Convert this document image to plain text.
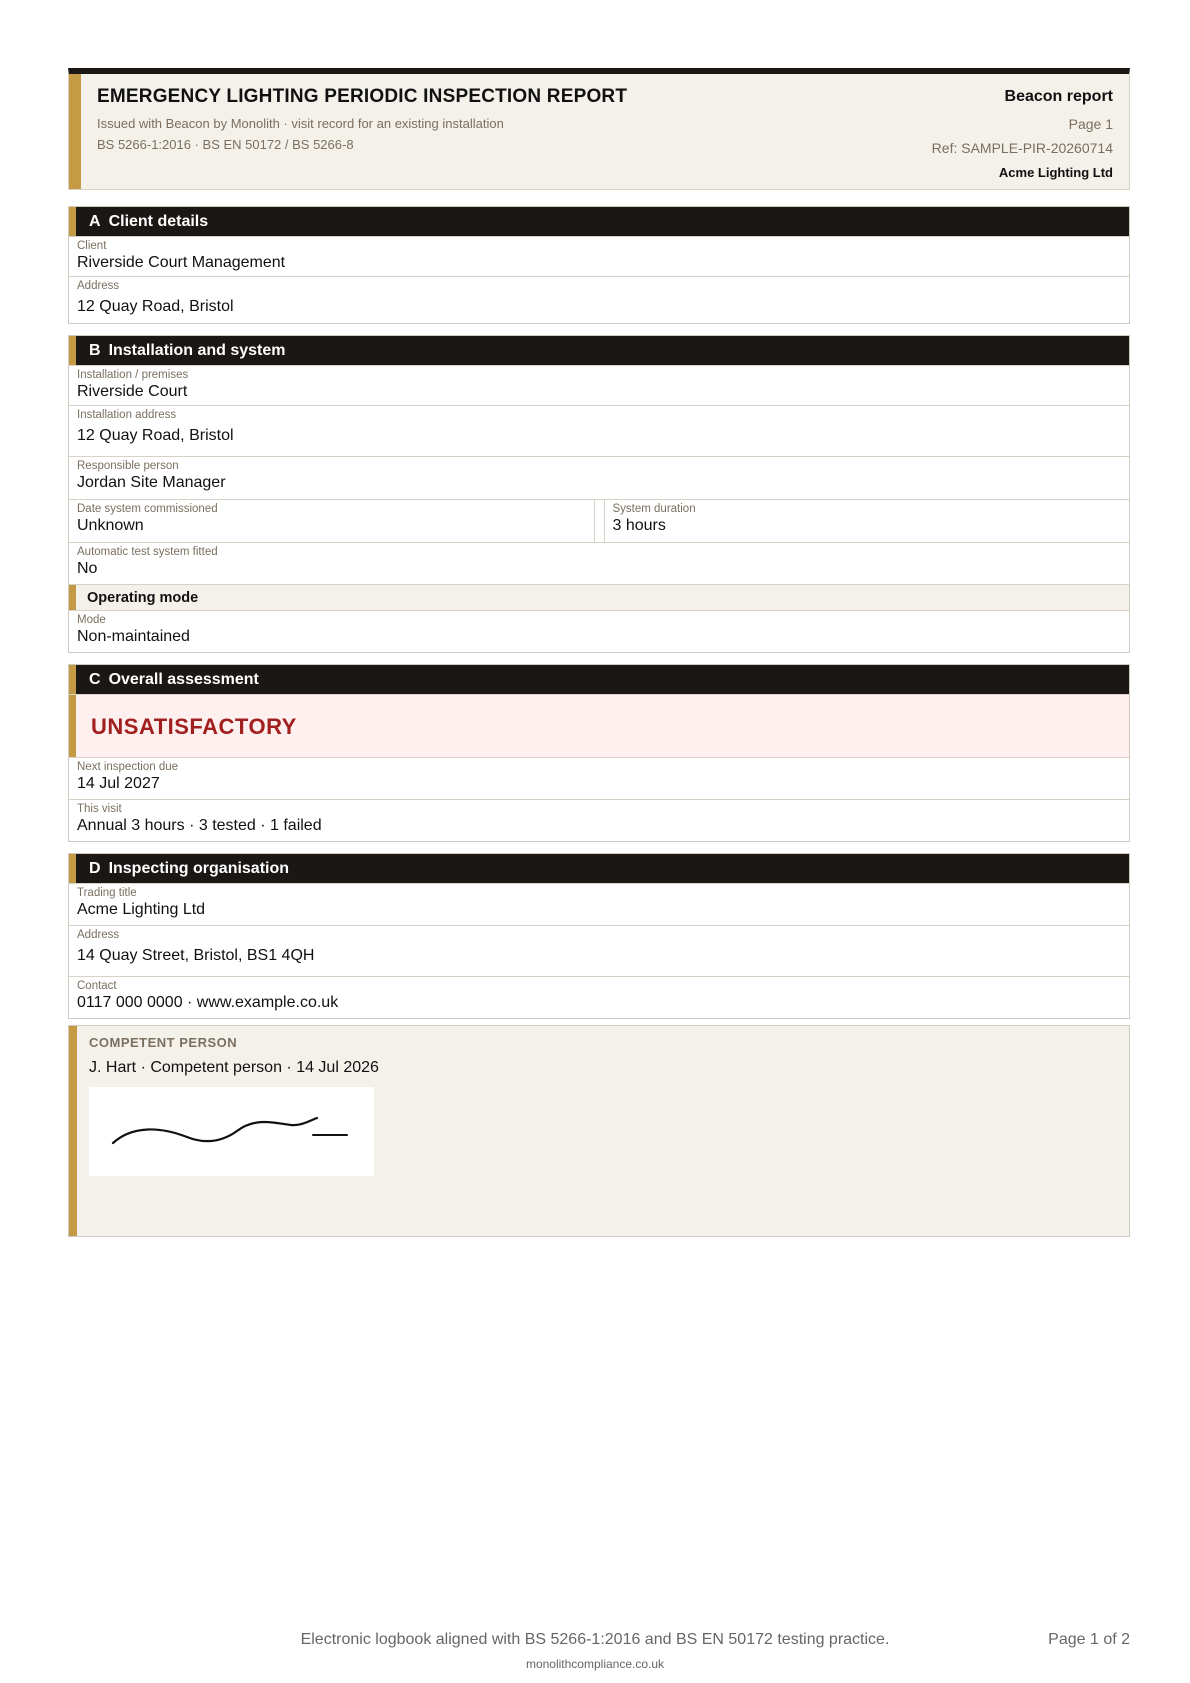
EMERGENCY LIGHTING PERIODIC INSPECTION REPORT
Issued with Beacon by Monolith · visit record for an existing installation
BS 5266-1:2016 · BS EN 50172 / BS 5266-8
Beacon report
Page 1
Ref: SAMPLE-PIR-20260714
Acme Lighting Ltd
A Client details
Client
Riverside Court Management
Address
12 Quay Road, Bristol
B Installation and system
Installation / premises
Riverside Court
Installation address
12 Quay Road, Bristol
Responsible person
Jordan Site Manager
Date system commissioned
Unknown
System duration
3 hours
Automatic test system fitted
No
Operating mode
Mode
Non-maintained
C Overall assessment
UNSATISFACTORY
Next inspection due
14 Jul 2027
This visit
Annual 3 hours · 3 tested · 1 failed
D Inspecting organisation
Trading title
Acme Lighting Ltd
Address
14 Quay Street, Bristol, BS1 4QH
Contact
0117 000 0000 · www.example.co.uk
COMPETENT PERSON
J. Hart · Competent person · 14 Jul 2026
Electronic logbook aligned with BS 5266-1:2016 and BS EN 50172 testing practice.
monolithcompliance.co.uk
Page 1 of 2
